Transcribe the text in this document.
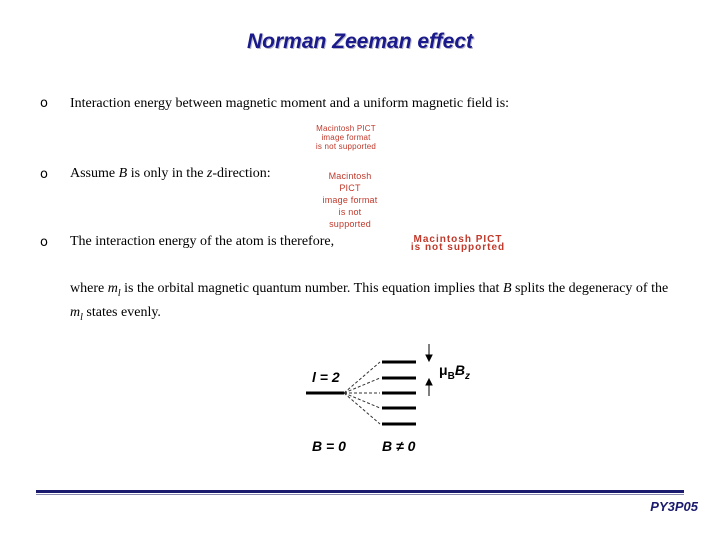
Norman Zeeman effect
o Interaction energy between magnetic moment and a uniform magnetic field is:
Macintosh PICT
image format
is not supported
o Assume B is only in the z-direction:	Macintosh PICT
image format
is not supported
o The interaction energy of the atom is therefore,	Macintosh PICT
is not supported
where $m_l$ is the orbital magnetic quantum number. This equation implies that B splits the degeneracy of the $m_l$ states evenly.
$\mu_BB_z$
l = 2
B = 0	B ≠ 0
PY3P05
